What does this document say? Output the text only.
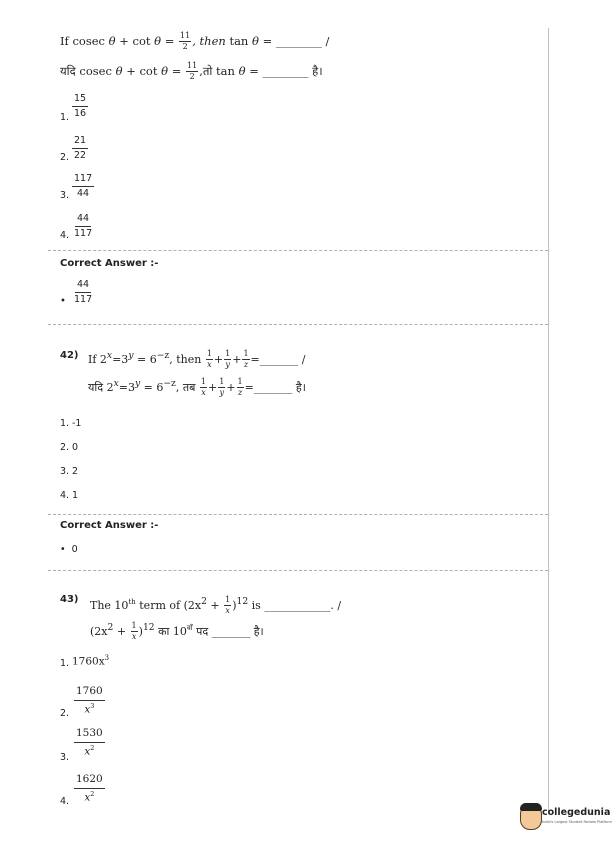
If cosec $\theta + \cot \theta = \frac{11}{2}$ , then tan θ = ________ /
यदि cosec $\theta + \cot \theta = \frac{11}{2}$ ,तो tan θ = ________ है।
$\frac{15}{16}$
1.
$\frac{21}{22}$
2.
$\frac{117}{44}$
3.
$\frac{44}{117}$
4.
Correct Answer :-
• $\frac{44}{117}$
42) If $2^x=3^y = 6^{-z}$, then $\frac{1}{x} + \frac{1}{y} + \frac{1}{z}$ =_______ /
यदि $2^x=3^y = 6^{-z}$, तब $\frac{1}{x} + \frac{1}{y} + \frac{1}{z}$ =_______ है।
1. -1
2. 0
3. 2
4. 1
Correct Answer :-
• 0
43) The 10th term of $(2x^2 + \frac{1}{x} )^{12}$ is ____________. /
$(2x^2 + \frac{1}{x} )^{12}$ का $10^{वाँ}$ पद _______ है।
1. $1760x^3$
$\frac{1760}{x^3}$
2.
$\frac{1530}{x^2}$
3.
$\frac{1620}{x^2}$
4.
collegedunia
India's Largest Student Review Platform
